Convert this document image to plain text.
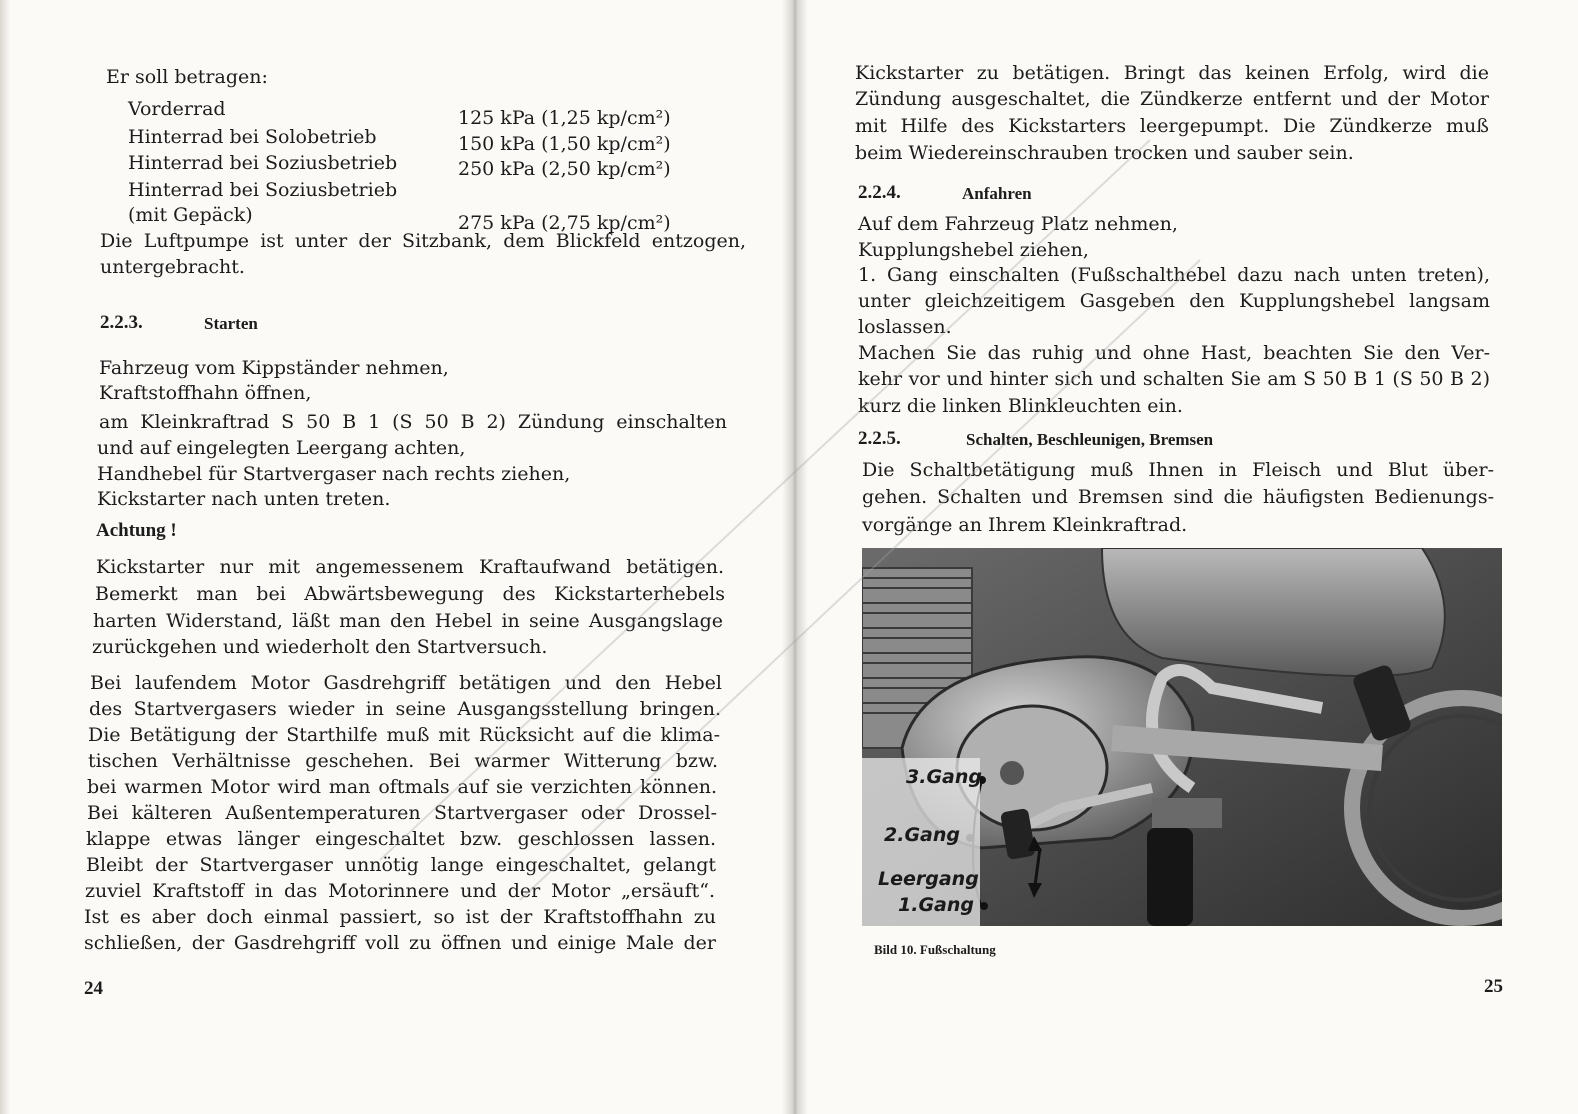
Er soll betragen:
Vorderrad	125 kPa (1,25 kp/cm²)
Hinterrad bei Solobetrieb	150 kPa (1,50 kp/cm²)
Hinterrad bei Soziusbetrieb	250 kPa (2,50 kp/cm²)
Hinterrad bei Soziusbetrieb
(mit Gepäck)	275 kPa (2,75 kp/cm²)
Die Luftpumpe ist unter der Sitzbank, dem Blickfeld entzogen,
untergebracht.
2.2.3.	Starten
Fahrzeug vom Kippständer nehmen,
Kraftstoffhahn öffnen,
am Kleinkraftrad S 50 B 1 (S 50 B 2) Zündung einschalten
und auf eingelegten Leergang achten,
Handhebel für Startvergaser nach rechts ziehen,
Kickstarter nach unten treten.
Achtung !
Kickstarter nur mit angemessenem Kraftaufwand betätigen.
Bemerkt man bei Abwärtsbewegung des Kickstarterhebels
harten Widerstand, läßt man den Hebel in seine Ausgangslage
zurückgehen und wiederholt den Startversuch.
Bei laufendem Motor Gasdrehgriff betätigen und den Hebel
des Startvergasers wieder in seine Ausgangsstellung bringen.
Die Betätigung der Starthilfe muß mit Rücksicht auf die klima-
tischen Verhältnisse geschehen. Bei warmer Witterung bzw.
bei warmen Motor wird man oftmals auf sie verzichten können.
Bei kälteren Außentemperaturen Startvergaser oder Drossel-
klappe etwas länger eingeschaltet bzw. geschlossen lassen.
Bleibt der Startvergaser unnötig lange eingeschaltet, gelangt
zuviel Kraftstoff in das Motorinnere und der Motor „ersäuft“.
Ist es aber doch einmal passiert, so ist der Kraftstoffhahn zu
schließen, der Gasdrehgriff voll zu öffnen und einige Male der
24
Kickstarter zu betätigen. Bringt das keinen Erfolg, wird die
Zündung ausgeschaltet, die Zündkerze entfernt und der Motor
mit Hilfe des Kickstarters leergepumpt. Die Zündkerze muß
beim Wiedereinschrauben trocken und sauber sein.
2.2.4.	Anfahren
Auf dem Fahrzeug Platz nehmen,
Kupplungshebel ziehen,
1. Gang einschalten (Fußschalthebel dazu nach unten treten),
unter gleichzeitigem Gasgeben den Kupplungshebel langsam
loslassen.
Machen Sie das ruhig und ohne Hast, beachten Sie den Ver-
kehr vor und hinter sich und schalten Sie am S 50 B 1 (S 50 B 2)
kurz die linken Blinkleuchten ein.
2.2.5.	Schalten, Beschleunigen, Bremsen
Die Schaltbetätigung muß Ihnen in Fleisch und Blut über-
gehen. Schalten und Bremsen sind die häufigsten Bedienungs-
vorgänge an Ihrem Kleinkraftrad.
3.Gang
2.Gang
Leergang
1.Gang
Bild 10. Fußschaltung
25
